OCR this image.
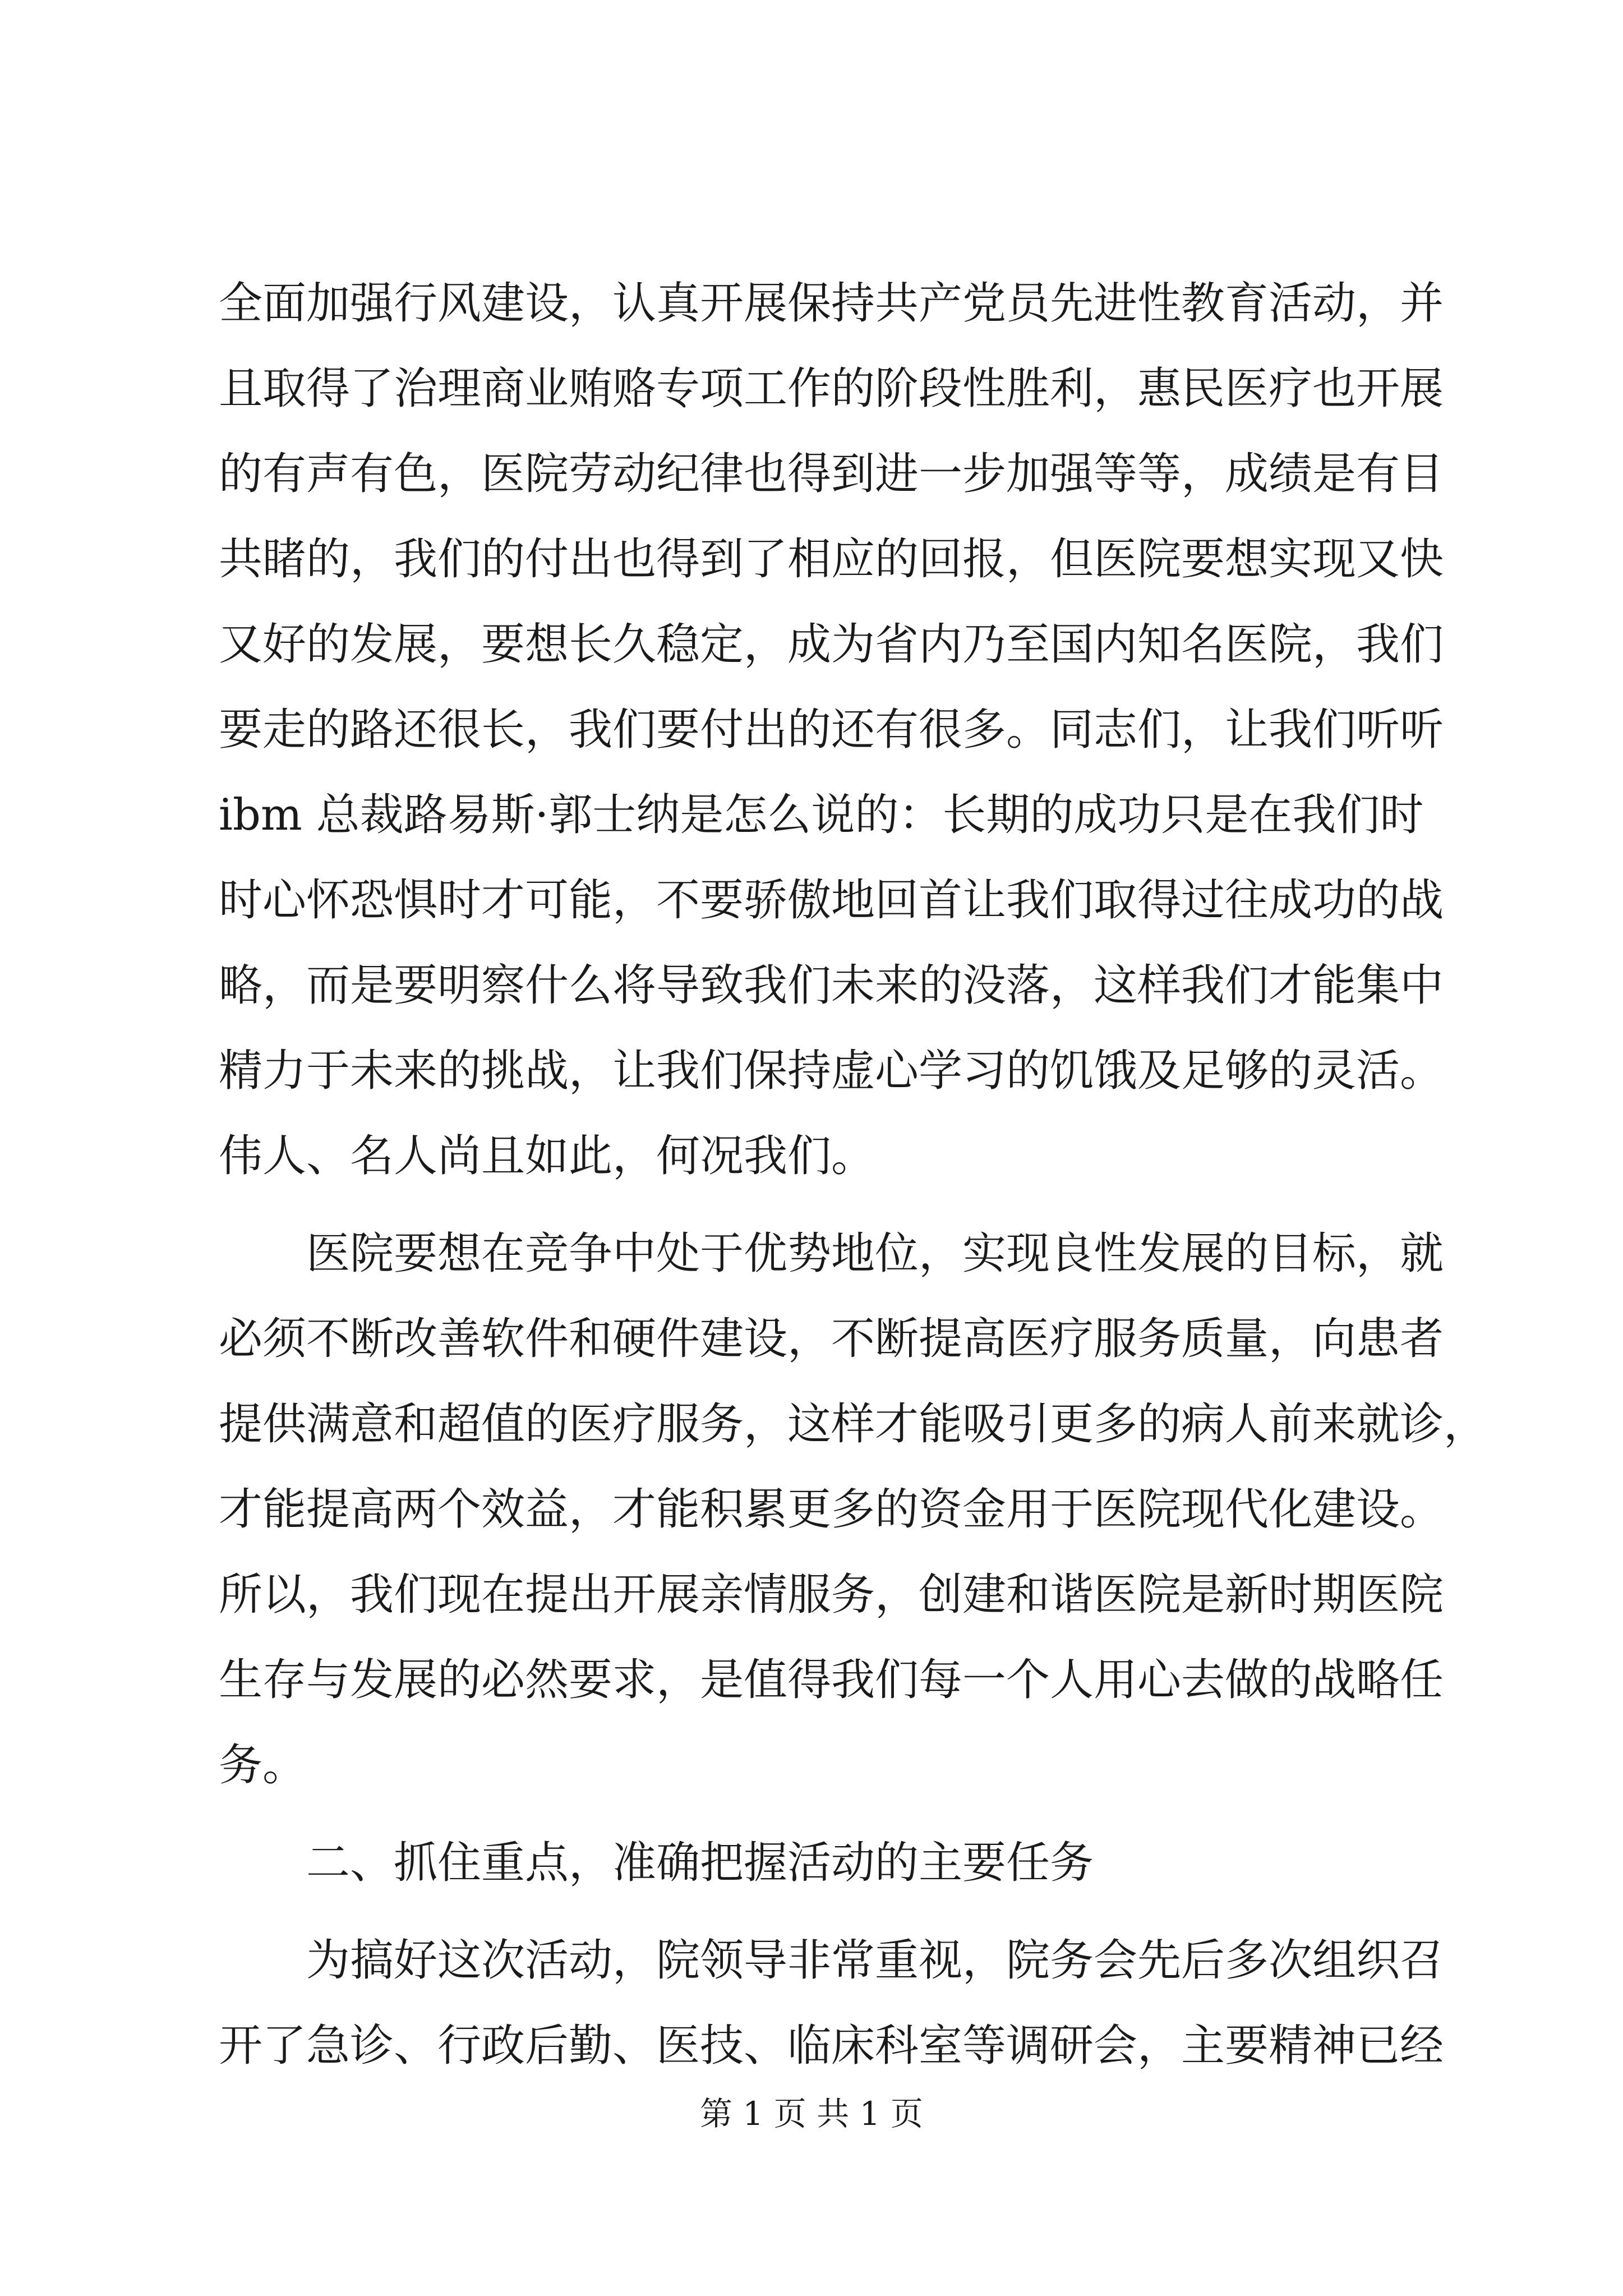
全面加强行风建设，认真开展保持共产党员先进性教育活动，并
且取得了治理商业贿赂专项工作的阶段性胜利，惠民医疗也开展
的有声有色，医院劳动纪律也得到进一步加强等等，成绩是有目
共睹的，我们的付出也得到了相应的回报，但医院要想实现又快
又好的发展，要想长久稳定，成为省内乃至国内知名医院，我们
要走的路还很长，我们要付出的还有很多。同志们，让我们听听
ibm 总裁路易斯·郭士纳是怎么说的：长期的成功只是在我们时
时心怀恐惧时才可能，不要骄傲地回首让我们取得过往成功的战
略，而是要明察什么将导致我们未来的没落，这样我们才能集中
精力于未来的挑战，让我们保持虚心学习的饥饿及足够的灵活。
伟人、名人尚且如此，何况我们。
医院要想在竞争中处于优势地位，实现良性发展的目标，就
必须不断改善软件和硬件建设，不断提高医疗服务质量，向患者
提供满意和超值的医疗服务，这样才能吸引更多的病人前来就诊，
才能提高两个效益，才能积累更多的资金用于医院现代化建设。
所以，我们现在提出开展亲情服务，创建和谐医院是新时期医院
生存与发展的必然要求，是值得我们每一个人用心去做的战略任
务。
二、抓住重点，准确把握活动的主要任务
为搞好这次活动，院领导非常重视，院务会先后多次组织召
开了急诊、行政后勤、医技、临床科室等调研会，主要精神已经
第 1 页 共 1 页
